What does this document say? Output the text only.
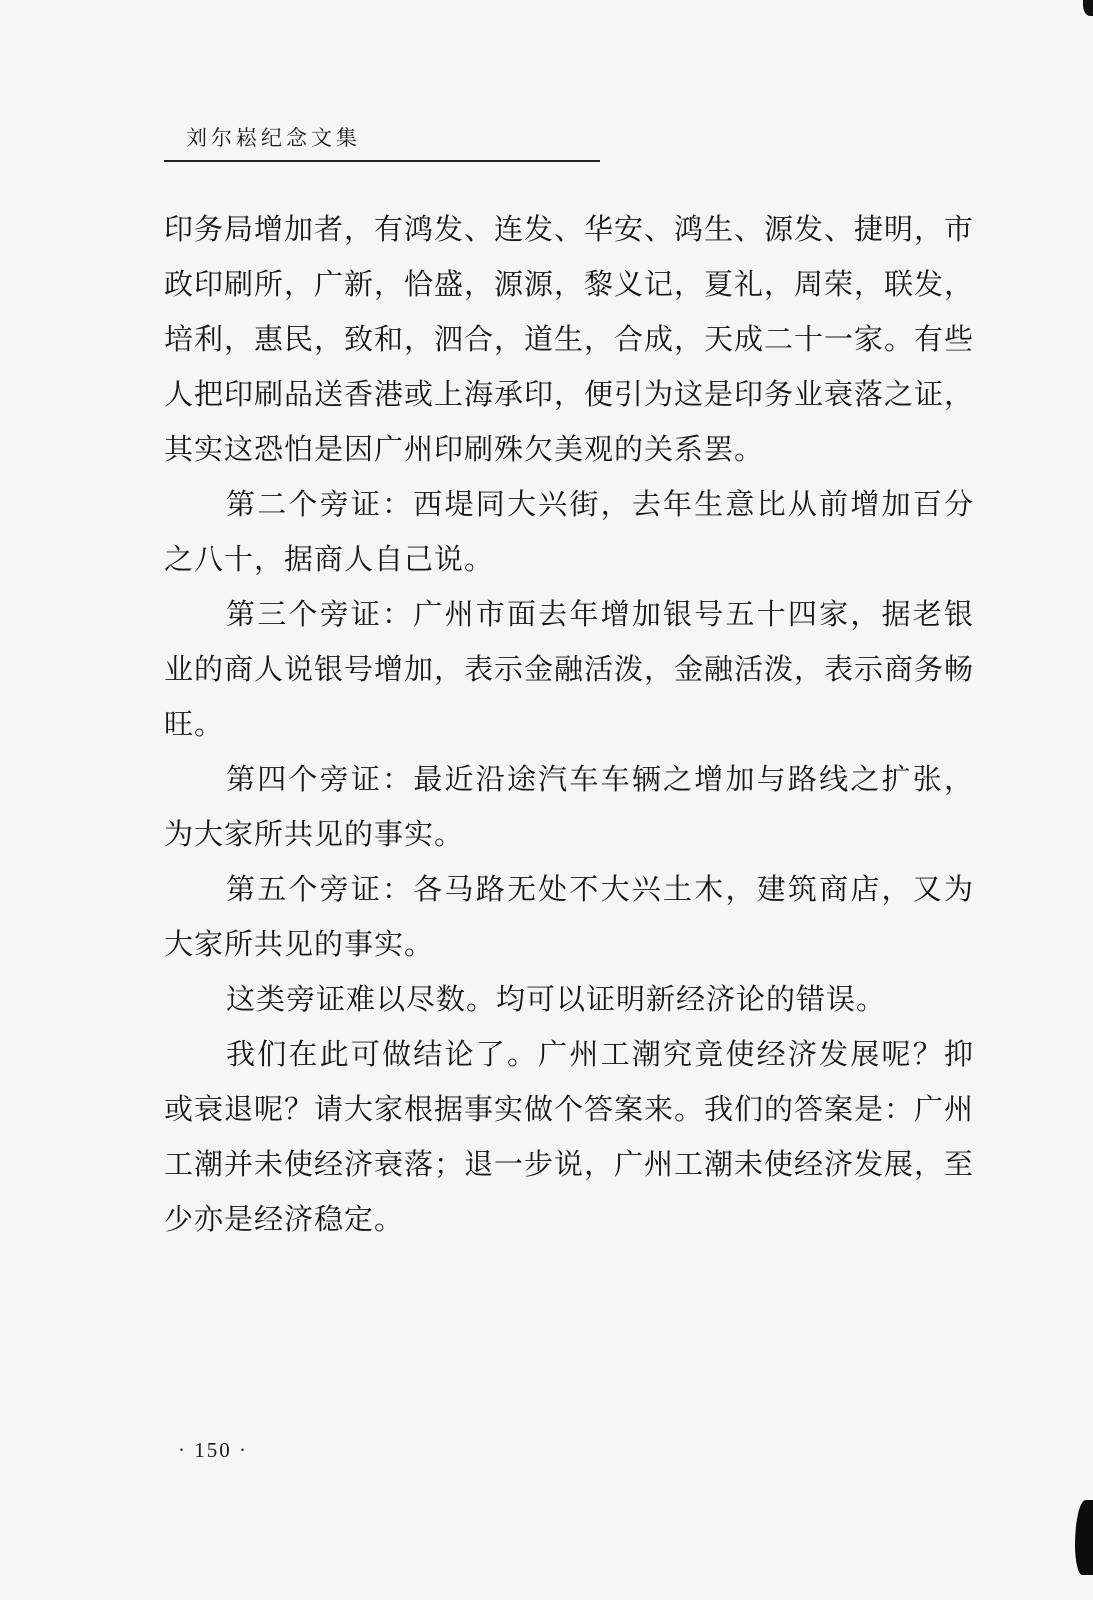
刘尔崧纪念文集

印务局增加者，有鸿发、连发、华安、鸿生、源发、捷明，市政印刷所，广新，恰盛，源源，黎义记，夏礼，周荣，联发，培利，惠民，致和，泗合，道生，合成，天成二十一家。有些人把印刷品送香港或上海承印，便引为这是印务业衰落之证，其实这恐怕是因广州印刷殊欠美观的关系罢。

第二个旁证：西堤同大兴街，去年生意比从前增加百分之八十，据商人自己说。

第三个旁证：广州市面去年增加银号五十四家，据老银业的商人说银号增加，表示金融活泼，金融活泼，表示商务畅旺。

第四个旁证：最近沿途汽车车辆之增加与路线之扩张，为大家所共见的事实。

第五个旁证：各马路无处不大兴土木，建筑商店，又为大家所共见的事实。

这类旁证难以尽数。均可以证明新经济论的错误。

我们在此可做结论了。广州工潮究竟使经济发展呢？抑或衰退呢？请大家根据事实做个答案来。我们的答案是：广州工潮并未使经济衰落；退一步说，广州工潮未使经济发展，至少亦是经济稳定。

· 150 ·
